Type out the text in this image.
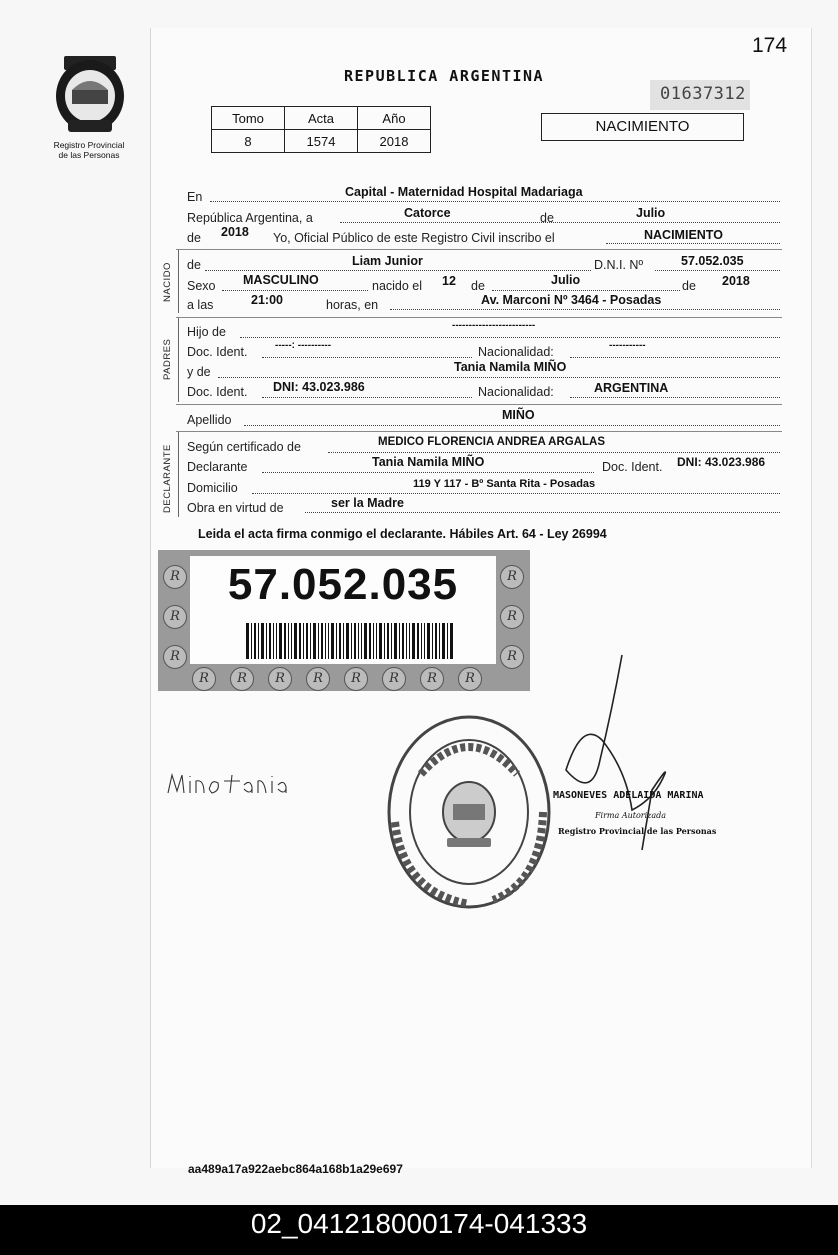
174
Registro Provincial
de las Personas
REPUBLICA ARGENTINA
01637312
NACIMIENTO
Tomo	Acta	Año
8	1574	2018
En	Capital - Maternidad Hospital Madariaga
República Argentina, a	Catorce	de	Julio
de 2018 Yo, Oficial Público de este Registro Civil inscribo el	NACIMIENTO
NACIDO de	Liam Junior	D.N.I. Nº	57.052.035
Sexo MASCULINO	nacido el 12 de	Julio	de 2018
a las	21:00	horas, en	Av. Marconi Nº 3464 - Posadas
PADRES
Hijo de	-------------------------
Doc. Ident.	-----: ----------	Nacionalidad:	-----------
y de	Tania Namila MIÑO
Doc. Ident. DNI: 43.023.986	Nacionalidad:	ARGENTINA
Apellido	MIÑO
DECLARANTE Según certificado de	MEDICO FLORENCIA ANDREA ARGALAS
Declarante	Tania Namila MIÑO	Doc. Ident. DNI: 43.023.986
Domicilio	119 Y 117 - Bº Santa Rita - Posadas
Obra en virtud de	ser la Madre
Leida el acta firma conmigo el declarante. Hábiles Art. 64 - Ley 26994
R
R
R
R
R
R
R	R	R	R	R	R	R	R
57.052.035
MASONEVES ADELAIDA MARINA
Firma Autorizada
Registro Provincial de las Personas
aa489a17a922aebc864a168b1a29e697
02_041218000174-041333
